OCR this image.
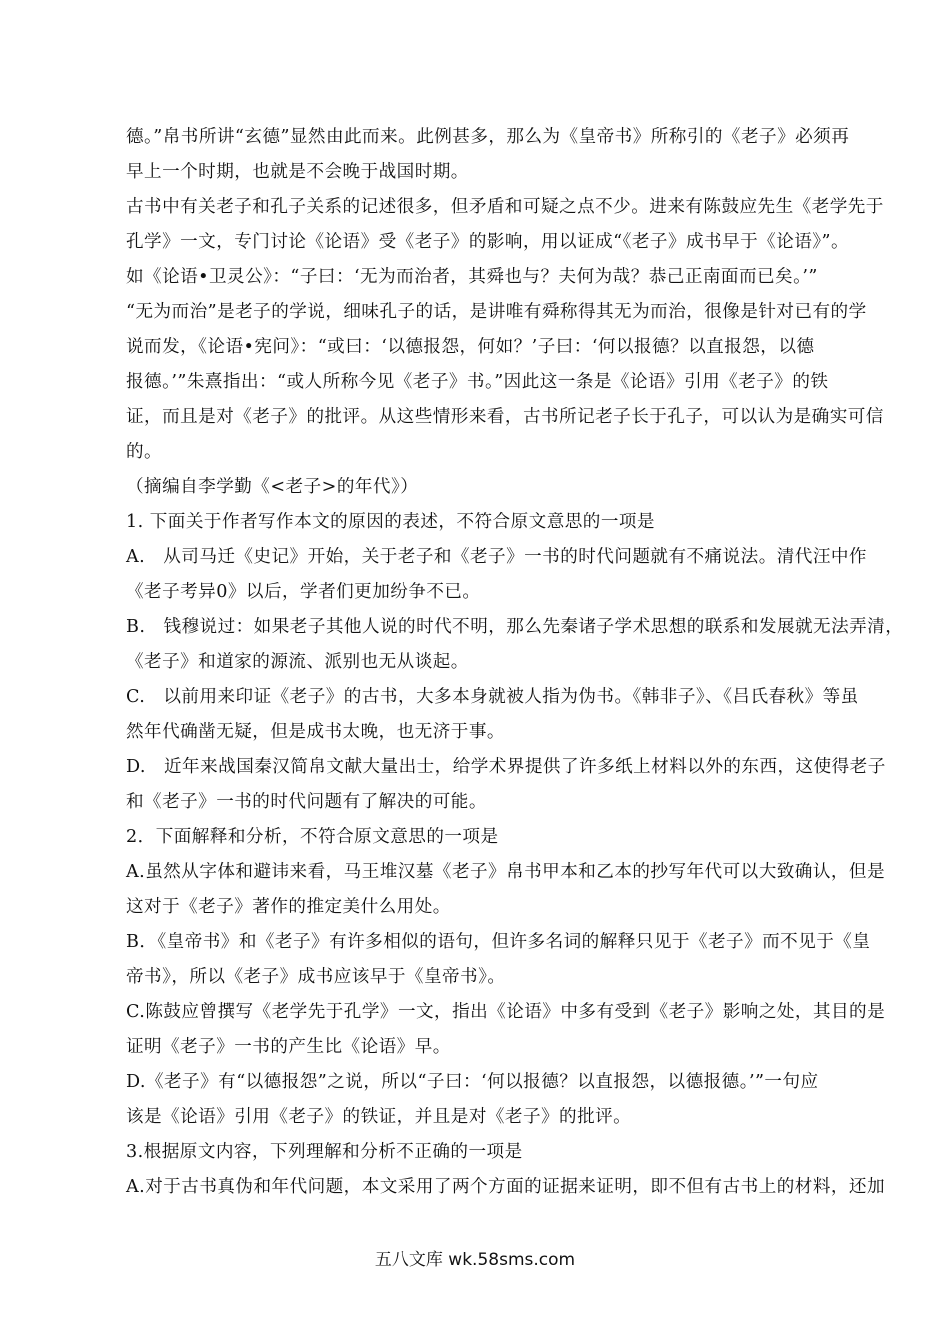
德。”帛书所讲“玄德”显然由此而来。此例甚多，那么为《皇帝书》所称引的《老子》必须再
早上一个时期，也就是不会晚于战国时期。
古书中有关老子和孔子关系的记述很多，但矛盾和可疑之点不少。进来有陈鼓应先生《老学先于
孔学》一文，专门讨论《论语》受《老子》的影响，用以证成“《老子》成书早于《论语》”。
如《论语•卫灵公》：“子曰：‘无为而治者，其舜也与？夫何为哉？恭己正南面而已矣。’”
“无为而治”是老子的学说，细味孔子的话，是讲唯有舜称得其无为而治，很像是针对已有的学
说而发，《论语•宪问》：“或曰：‘以德报怨，何如？’子曰：‘何以报德？以直报怨，以德
报德。’”朱熹指出：“或人所称今见《老子》书。”因此这一条是《论语》引用《老子》的铁
证，而且是对《老子》的批评。从这些情形来看，古书所记老子长于孔子，可以认为是确实可信
的。
（摘编自李学勤《<老子>的年代》）
1. 下面关于作者写作本文的原因的表述，不符合原文意思的一项是
A.　从司马迁《史记》开始，关于老子和《老子》一书的时代问题就有不痛说法。清代汪中作
《老子考异0》以后，学者们更加纷争不已。
B.　钱穆说过：如果老子其他人说的时代不明，那么先秦诸子学术思想的联系和发展就无法弄清，
《老子》和道家的源流、派别也无从谈起。
C.　以前用来印证《老子》的古书，大多本身就被人指为伪书。《韩非子》、《吕氏春秋》等虽
然年代确凿无疑，但是成书太晚，也无济于事。
D.　近年来战国秦汉简帛文献大量出士，给学术界提供了许多纸上材料以外的东西，这使得老子
和《老子》一书的时代问题有了解决的可能。
2．下面解释和分析，不符合原文意思的一项是
A.虽然从字体和避讳来看，马王堆汉墓《老子》帛书甲本和乙本的抄写年代可以大致确认，但是
这对于《老子》著作的推定美什么用处。
B．《皇帝书》和《老子》有许多相似的语句，但许多名词的解释只见于《老子》而不见于《皇
帝书》，所以《老子》成书应该早于《皇帝书》。
C.陈鼓应曾撰写《老学先于孔学》一文，指出《论语》中多有受到《老子》影响之处，其目的是
证明《老子》一书的产生比《论语》早。
D.《老子》有“以德报怨”之说，所以“子曰：‘何以报德？以直报怨，以德报德。’”一句应
该是《论语》引用《老子》的铁证，并且是对《老子》的批评。
3.根据原文内容，下列理解和分析不正确的一项是
A.对于古书真伪和年代问题，本文采用了两个方面的证据来证明，即不但有古书上的材料，还加
五八文库 wk.58sms.com
